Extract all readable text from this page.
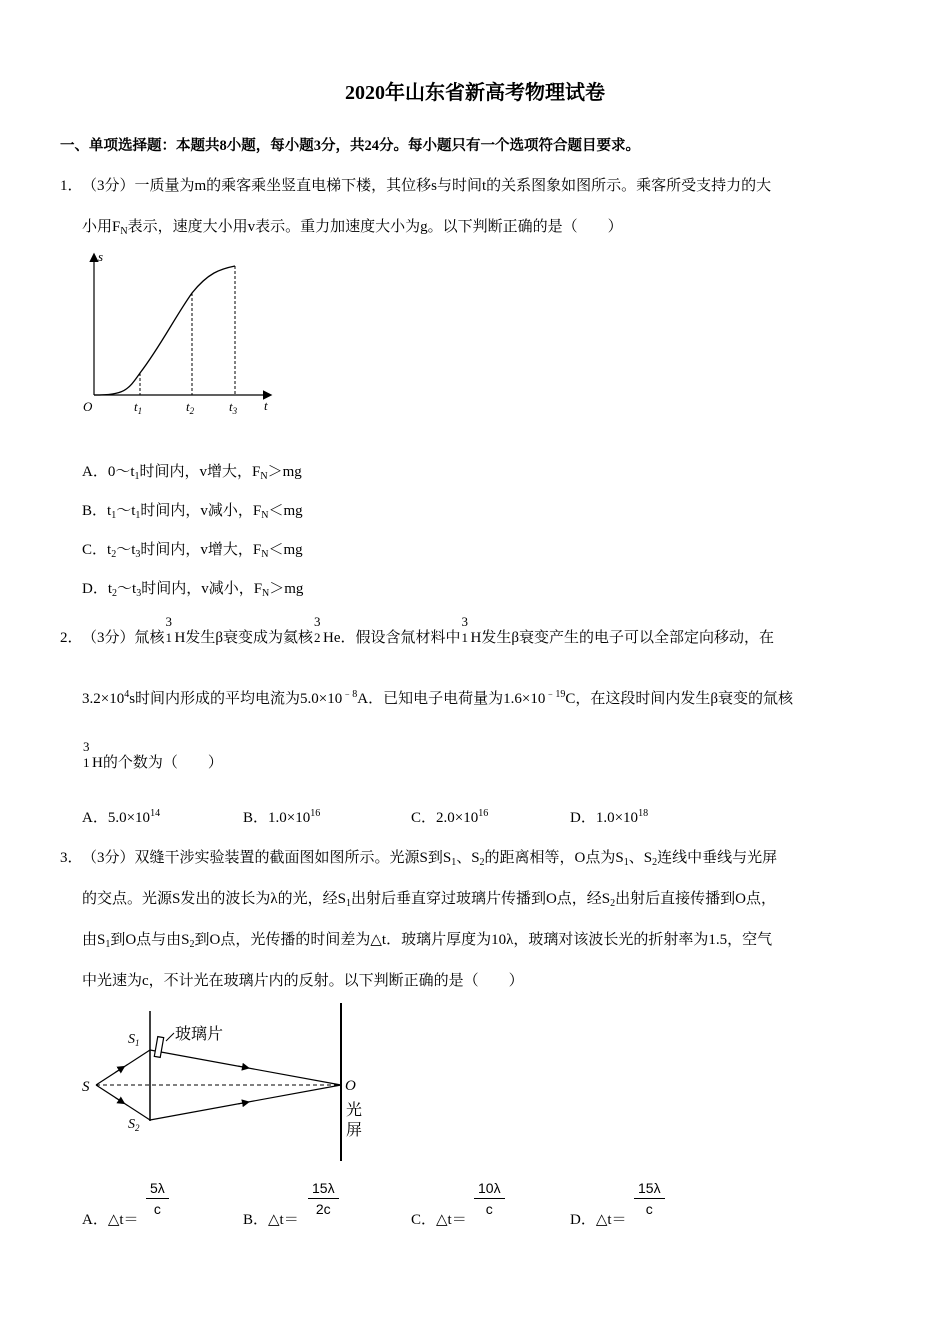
2020年山东省新高考物理试卷
一、单项选择题：本题共8小题，每小题3分，共24分。每小题只有一个选项符合题目要求。
1． （3分）一质量为m的乘客乘坐竖直电梯下楼，其位移s与时间t的关系图象如图所示。乘客所受支持力的大
小用$F_N$表示，速度大小用v表示。重力加速度大小为g。以下判断正确的是（　　）
s
t
O	$t_1$	$t_2$	$t_3$
A．$0\sim t_1$时间内，v增大，$F_N>mg$
B．$t_1\sim t_1$时间内，v减小，$F_N<mg$
C．$t_2\sim t_3$时间内，v增大，$F_N<mg$
D．$t_2\sim t_3$时间内，v减小，$F_N>mg$
2． （3分）氚核
3
1 H发生β衰变成为氦核
3
2 He．假设含氚材料中
3
1 H发生β衰变产生的电子可以全部定向移动，在
$3.2\times 10^4s$时间内形成的平均电流为$5.0\times 10^{﹣8}A$．已知电子电荷量为$1.6\times 10^{﹣19}C$，在这段时间内发生β衰变的氚核
3
1 H的个数为（　　）
A．$5.0\times 10^{14}$	B．$1.0\times 10^{16}$	C．$2.0\times 10^{16}$	D．$1.0\times 10^{18}$
3． （3分）双缝干涉实验装置的截面图如图所示。光源S到$S_1$、$S_2$的距离相等，O点为$S_1$、$S_2$连线中垂线与光屏
的交点。光源S发出的波长为λ的光，经$S_1$出射后垂直穿过玻璃片传播到O点，经$S_2$出射后直接传播到O点，
由$S_1$到O点与由$S_2$到O点，光传播的时间差为△t．玻璃片厚度为10λ，玻璃对该波长光的折射率为1.5，空气
中光速为c，不计光在玻璃片内的反射。以下判断正确的是（　　）
玻璃片
S
$S_1$
$S_2$
O
光屏
A．△t＝
$\frac{5\lambda}{c}$
B．△t＝
$\frac{15\lambda}{2c}$
C．△t＝
$\frac{10\lambda}{c}$
D．△t＝
$\frac{15\lambda}{c}$
